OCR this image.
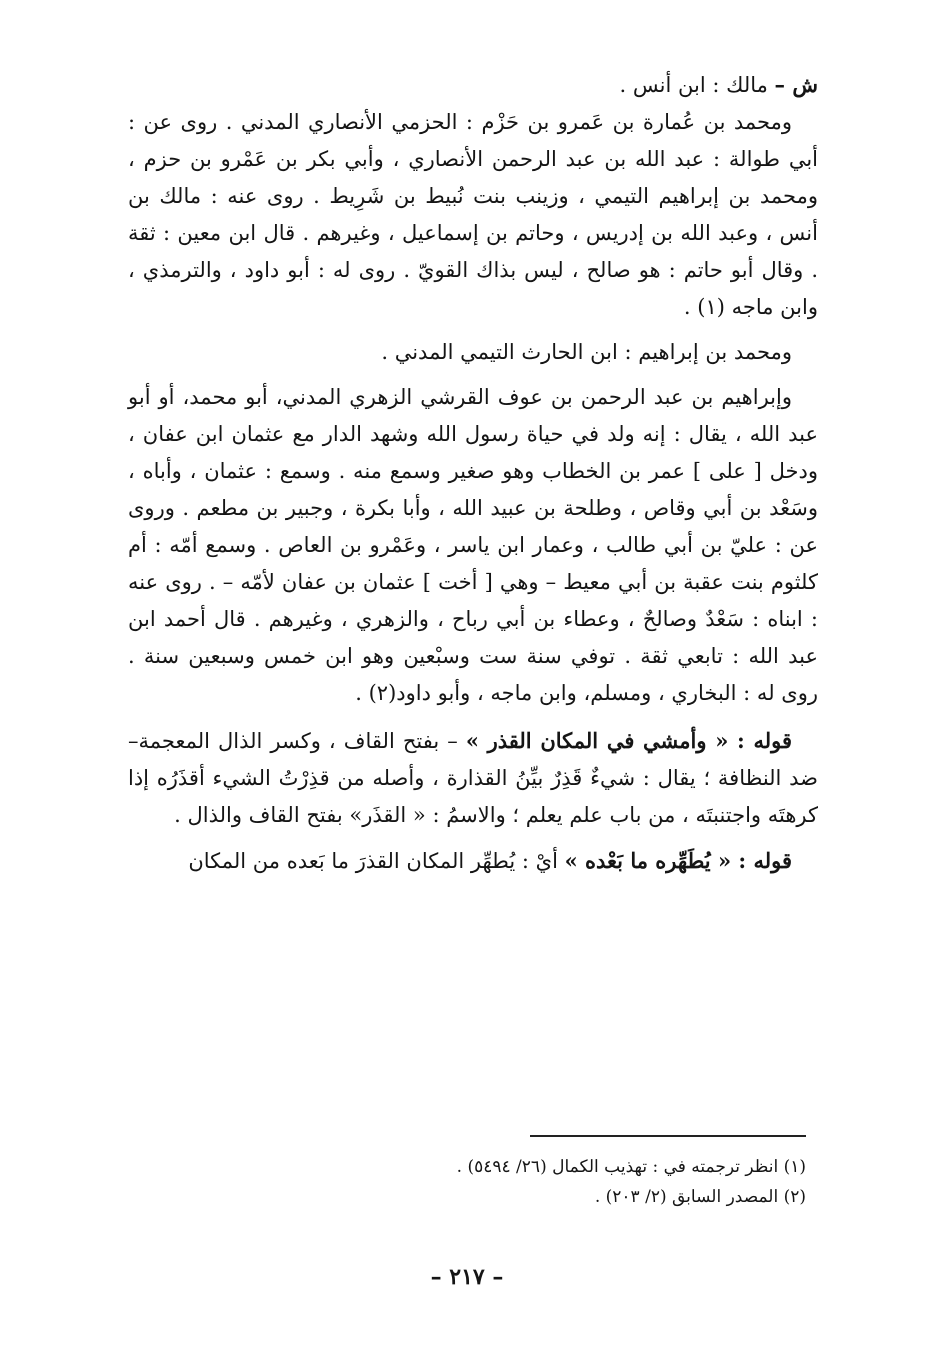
ش – مالك : ابن أنس .

ومحمد بن عُمارة بن عَمرو بن حَزْم : الحزمي الأنصاري المدني . روى عن : أبي طوالة : عبد الله بن عبد الرحمن الأنصاري ، وأبي بكر بن عَمْرو بن حزم ، ومحمد بن إبراهيم التيمي ، وزينب بنت نُبيط بن شَرِيط . روى عنه : مالك بن أنس ، وعبد الله بن إدريس ، وحاتم بن إسماعيل ، وغيرهم . قال ابن معين : ثقة . وقال أبو حاتم : هو صالح ، ليس بذاك القويّ . روى له : أبو داود ، والترمذي ، وابن ماجه (١) .

ومحمد بن إبراهيم : ابن الحارث التيمي المدني .

وإبراهيم بن عبد الرحمن بن عوف القرشي الزهري المدني، أبو محمد، أو أبو عبد الله ، يقال : إنه ولد في حياة رسول الله وشهد الدار مع عثمان ابن عفان ، ودخل [ على ] عمر بن الخطاب وهو صغير وسمع منه . وسمع : عثمان ، وأباه ، وسَعْد بن أبي وقاص ، وطلحة بن عبيد الله ، وأبا بكرة ، وجبير بن مطعم . وروى عن : عليّ بن أبي طالب ، وعمار ابن ياسر ، وعَمْرو بن العاص . وسمع أمّه : أم كلثوم بنت عقبة بن أبي معيط – وهي [ أخت ] عثمان بن عفان لأمّه – . روى عنه : ابناه : سَعْدٌ وصالحٌ ، وعطاء بن أبي رباح ، والزهري ، وغيرهم . قال أحمد ابن عبد الله : تابعي ثقة . توفي سنة ست وسبْعين وهو ابن خمس وسبعين سنة . روى له : البخاري ، ومسلم، وابن ماجه ، وأبو داود(٢) .

قوله : « وأمشي في المكان القذر » – بفتح القاف ، وكسر الذال المعجمة– ضد النظافة ؛ يقال : شيءٌ قَذِرٌ بيِّنُ القذارة ، وأصله من قذِرْتُ الشيء أقذَرُه إذا كرهتَه واجتنبتَه ، من باب علم يعلم ؛ والاسمُ : « القذَر» بفتح القاف والذال .

قوله : « يُطَهِّره ما بَعْده » أيْ : يُطهِّر المكان القذرَ ما بَعده من المكان

(١) انظر ترجمته في : تهذيب الكمال (٢٦/ ٥٤٩٤) .
(٢) المصدر السابق (٢/ ٢٠٣) .
– ٢١٧ –
